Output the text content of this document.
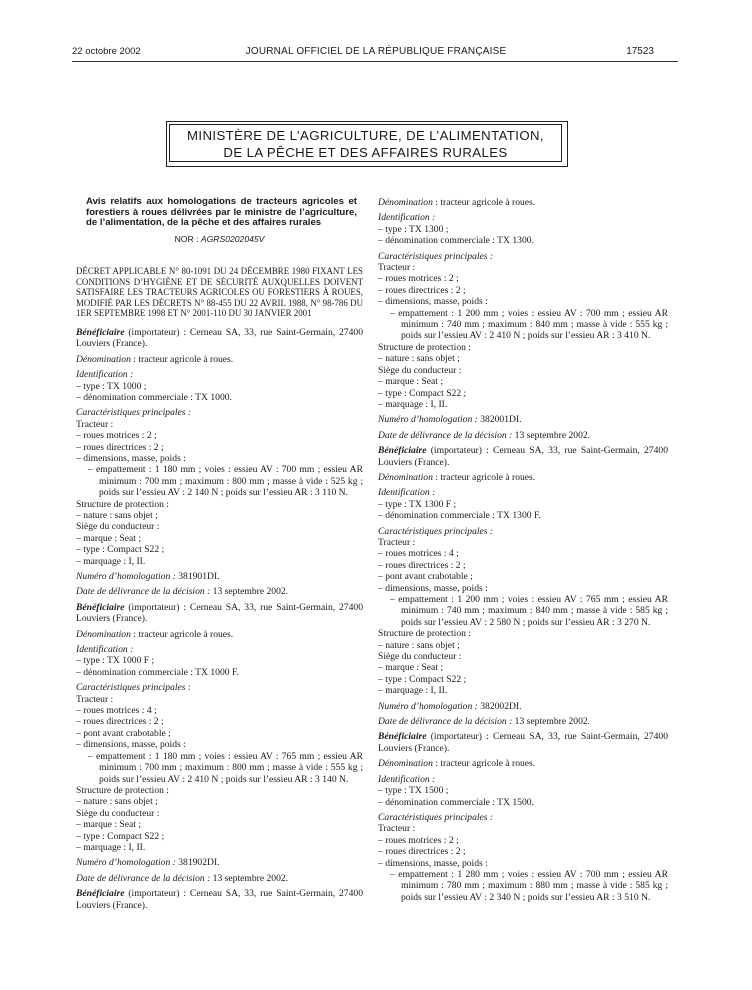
22 octobre 2002	JOURNAL OFFICIEL DE LA RÉPUBLIQUE FRANÇAISE	17523
MINISTÈRE DE L’AGRICULTURE, DE L’ALIMENTATION,
DE LA PÊCHE ET DES AFFAIRES RURALES
Avis relatifs aux homologations de tracteurs agricoles et forestiers à roues délivrées par le ministre de l’agriculture, de l’alimentation, de la pêche et des affaires rurales
NOR : AGRS0202045V
DÉCRET APPLICABLE N° 80-1091 DU 24 DÉCEMBRE 1980 FIXANT LES CONDITIONS D’HYGIÈNE ET DE SÉCURITÉ AUXQUELLES DOIVENT SATISFAIRE LES TRACTEURS AGRICOLES OU FORESTIERS À ROUES, MODIFIÉ PAR LES DÉCRETS N° 88-455 DU 22 AVRIL 1988, N° 98-786 DU 1ER SEPTEMBRE 1998 ET N° 2001-110 DU 30 JANVIER 2001

Bénéficiaire (importateur) : Cerneau SA, 33, rue Saint-Germain, 27400 Louviers (France).

Dénomination : tracteur agricole à roues.

Identification :

– type : TX 1000 ;

– dénomination commerciale : TX 1000.

Caractéristiques principales :

Tracteur :

– roues motrices : 2 ;

– roues directrices : 2 ;

– dimensions, masse, poids :

– empattement : 1 180 mm ; voies : essieu AV : 700 mm ; essieu AR minimum : 700 mm ; maximum : 800 mm ; masse à vide : 525 kg ; poids sur l’essieu AV : 2 140 N ; poids sur l’essieu AR : 3 110 N.

Structure de protection :

– nature : sans objet ;

Siège du conducteur :

– marque : Seat ;

– type : Compact S22 ;

– marquage : I, II.

Numéro d’homologation : 381901DI.

Date de délivrance de la décision : 13 septembre 2002.

Bénéficiaire (importateur) : Cerneau SA, 33, rue Saint-Germain, 27400 Louviers (France).

Dénomination : tracteur agricole à roues.

Identification :

– type : TX 1000 F ;

– dénomination commerciale : TX 1000 F.

Caractéristiques principales :

Tracteur :

– roues motrices : 4 ;

– roues directrices : 2 ;

– pont avant crabotable ;

– dimensions, masse, poids :

– empattement : 1 180 mm ; voies : essieu AV : 765 mm ; essieu AR minimum : 700 mm ; maximum : 800 mm ; masse à vide : 555 kg ; poids sur l’essieu AV : 2 410 N ; poids sur l’essieu AR : 3 140 N.

Structure de protection :

– nature : sans objet ;

Siège du conducteur :

– marque : Seat ;

– type : Compact S22 ;

– marquage : I, II.

Numéro d’homologation : 381902DI.

Date de délivrance de la décision : 13 septembre 2002.

Bénéficiaire (importateur) : Cerneau SA, 33, rue Saint-Germain, 27400 Louviers (France).

Dénomination : tracteur agricole à roues.

Identification :

– type : TX 1300 ;

– dénomination commerciale : TX 1300.

Caractéristiques principales :

Tracteur :

– roues motrices : 2 ;

– roues directrices : 2 ;

– dimensions, masse, poids :

– empattement : 1 200 mm ; voies : essieu AV : 700 mm ; essieu AR minimum : 740 mm ; maximum : 840 mm ; masse à vide : 555 kg ; poids sur l’essieu AV : 2 410 N ; poids sur l’essieu AR : 3 410 N.

Structure de protection :

– nature : sans objet ;

Siège du conducteur :

– marque : Seat ;

– type : Compact S22 ;

– marquage : I, II.

Numéro d’homologation : 382001DI.

Date de délivrance de la décision : 13 septembre 2002.

Bénéficiaire (importateur) : Cerneau SA, 33, rue Saint-Germain, 27400 Louviers (France).

Dénomination : tracteur agricole à roues.

Identification :

– type : TX 1300 F ;

– dénomination commerciale : TX 1300 F.

Caractéristiques principales :

Tracteur :

– roues motrices : 4 ;

– roues directrices : 2 ;

– pont avant crabotable ;

– dimensions, masse, poids :

– empattement : 1 200 mm ; voies : essieu AV : 765 mm ; essieu AR minimum : 740 mm ; maximum : 840 mm ; masse à vide : 585 kg ; poids sur l’essieu AV : 2 580 N ; poids sur l’essieu AR : 3 270 N.

Structure de protection :

– nature : sans objet ;

Siège du conducteur :

– marque : Seat ;

– type : Compact S22 ;

– marquage : I, II.

Numéro d’homologation : 382002DI.

Date de délivrance de la décision : 13 septembre 2002.

Bénéficiaire (importateur) : Cerneau SA, 33, rue Saint-Germain, 27400 Louviers (France).

Dénomination : tracteur agricole à roues.

Identification :

– type : TX 1500 ;

– dénomination commerciale : TX 1500.

Caractéristiques principales :

Tracteur :

– roues motrices : 2 ;

– roues directrices : 2 ;

– dimensions, masse, poids :

– empattement : 1 280 mm ; voies : essieu AV : 700 mm ; essieu AR minimum : 780 mm ; maximum : 880 mm ; masse à vide : 585 kg ; poids sur l’essieu AV : 2 340 N ; poids sur l’essieu AR : 3 510 N.
